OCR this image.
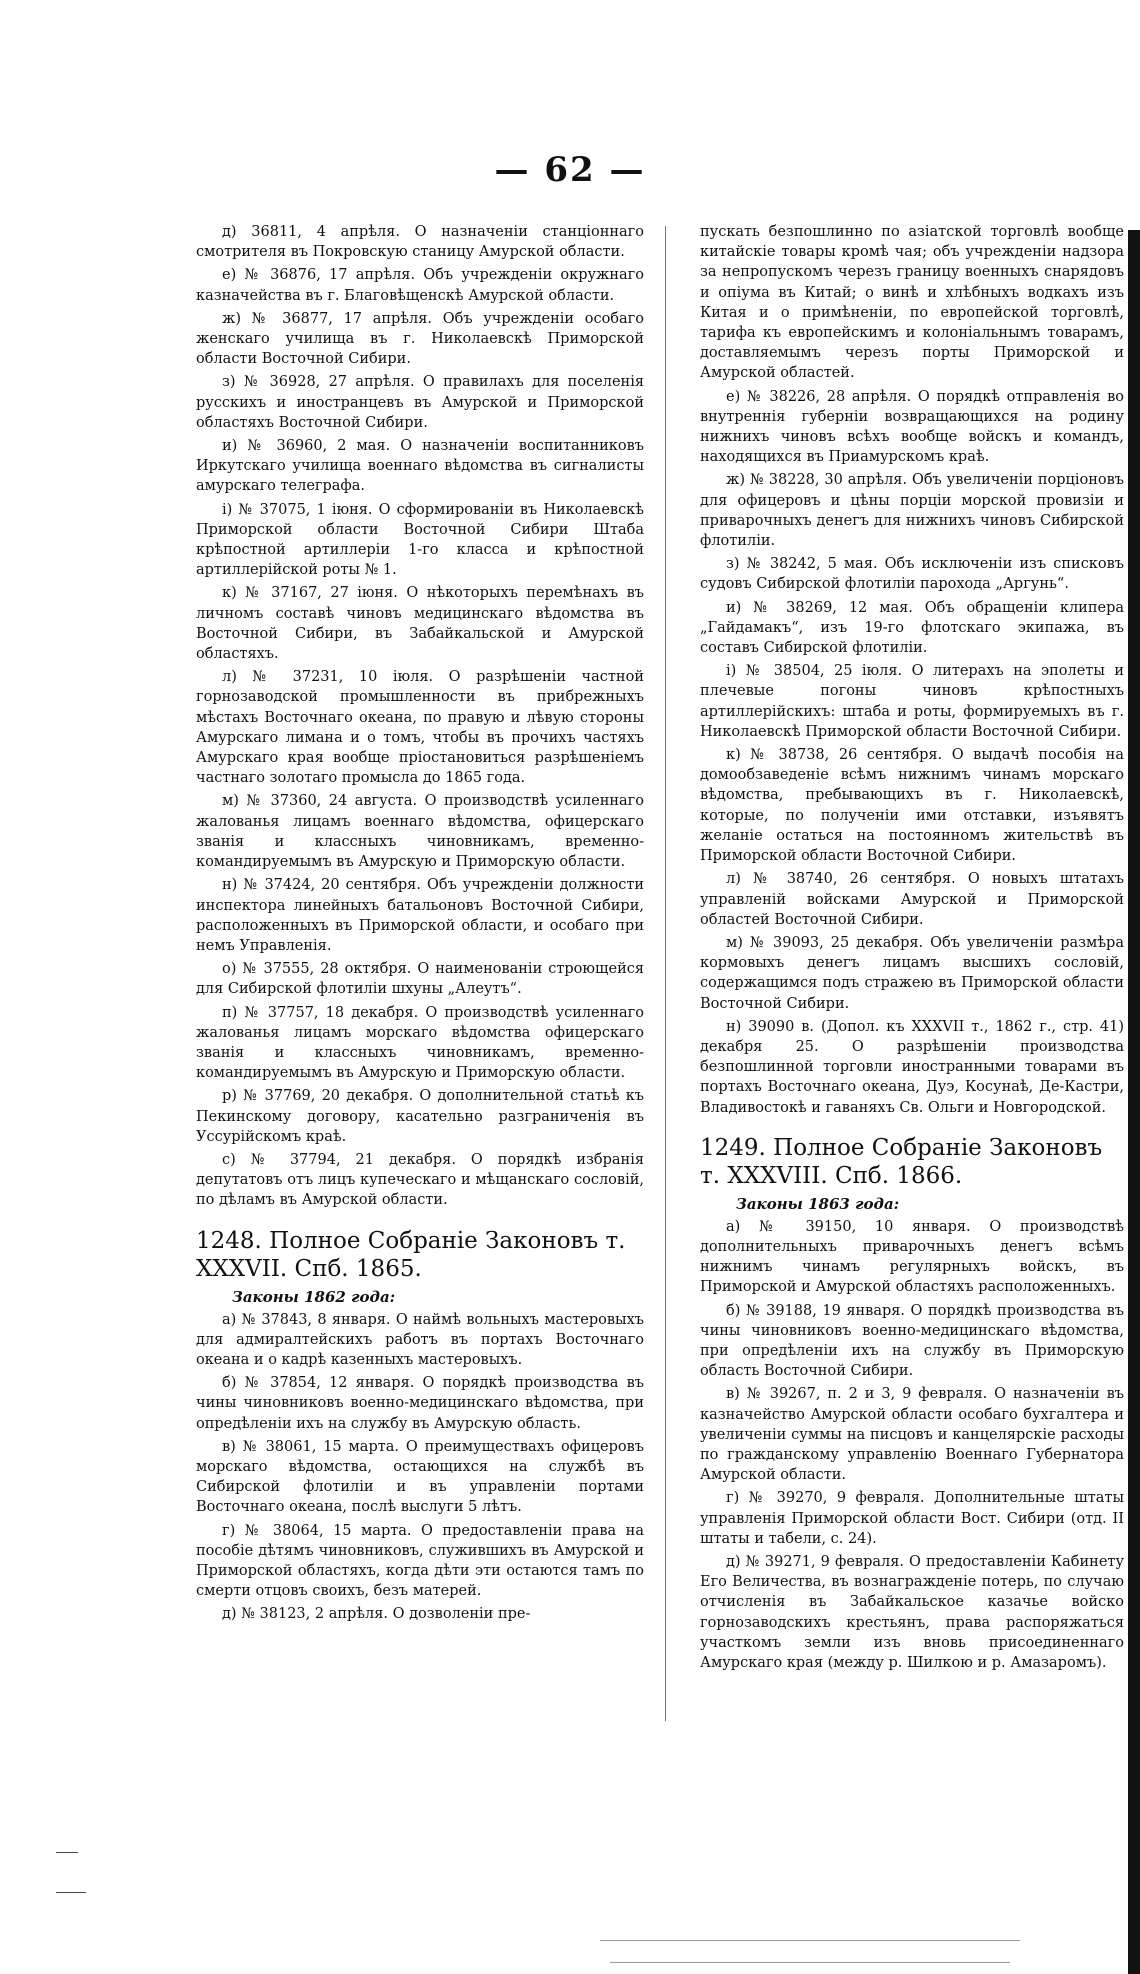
— 62 —

д) 36811, 4 апрѣля. О назначеніи станціоннаго смотрителя въ Покровскую станицу Амурской области.

е) № 36876, 17 апрѣля. Объ учрежденіи окружнаго казначейства въ г. Благовѣщенскѣ Амурской области.

ж) № 36877, 17 апрѣля. Объ учрежденіи особаго женскаго училища въ г. Николаевскѣ Приморской области Восточной Сибири.

з) № 36928, 27 апрѣля. О правилахъ для поселенія русскихъ и иностранцевъ въ Амурской и Приморской областяхъ Восточной Сибири.

и) № 36960, 2 мая. О назначеніи воспитанниковъ Иркутскаго училища военнаго вѣдомства въ сигналисты амурскаго телеграфа.

і) № 37075, 1 іюня. О сформированіи въ Николаевскѣ Приморской области Восточной Сибири Штаба крѣпостной артиллеріи 1-го класса и крѣпостной артиллерійской роты № 1.

к) № 37167, 27 іюня. О нѣкоторыхъ перемѣнахъ въ личномъ составѣ чиновъ медицинскаго вѣдомства въ Восточной Сибири, въ Забайкальской и Амурской областяхъ.

л) № 37231, 10 іюля. О разрѣшеніи частной горнозаводской промышленности въ прибрежныхъ мѣстахъ Восточнаго океана, по правую и лѣвую стороны Амурскаго лимана и о томъ, чтобы въ прочихъ частяхъ Амурскаго края вообще пріостановиться разрѣшеніемъ частнаго золотаго промысла до 1865 года.

м) № 37360, 24 августа. О производствѣ усиленнаго жалованья лицамъ военнаго вѣдомства, офицерскаго званія и классныхъ чиновникамъ, временно-командируемымъ въ Амурскую и Приморскую области.

н) № 37424, 20 сентября. Объ учрежденіи должности инспектора линейныхъ батальоновъ Восточной Сибири, расположенныхъ въ Приморской области, и особаго при немъ Управленія.

о) № 37555, 28 октября. О наименованіи строющейся для Сибирской флотиліи шхуны „Алеутъ“.

п) № 37757, 18 декабря. О производствѣ усиленнаго жалованья лицамъ морскаго вѣдомства офицерскаго званія и классныхъ чиновникамъ, временно-командируемымъ въ Амурскую и Приморскую области.

р) № 37769, 20 декабря. О дополнительной статьѣ къ Пекинскому договору, касательно разграниченія въ Уссурійскомъ краѣ.

с) № 37794, 21 декабря. О порядкѣ избранія депутатовъ отъ лицъ купеческаго и мѣщанскаго сословій, по дѣламъ въ Амурской области.

1248. Полное Собраніе Законовъ т. XXXVII. Спб. 1865.
Законы 1862 года:

а) № 37843, 8 января. О наймѣ вольныхъ мастеровыхъ для адмиралтейскихъ работъ въ портахъ Восточнаго океана и о кадрѣ казенныхъ мастеровыхъ.

б) № 37854, 12 января. О порядкѣ производства въ чины чиновниковъ военно-медицинскаго вѣдомства, при опредѣленіи ихъ на службу въ Амурскую область.

в) № 38061, 15 марта. О преимуществахъ офицеровъ морскаго вѣдомства, остающихся на службѣ въ Сибирской флотиліи и въ управленіи портами Восточнаго океана, послѣ выслуги 5 лѣтъ.

г) № 38064, 15 марта. О предоставленіи права на пособіе дѣтямъ чиновниковъ, служившихъ въ Амурской и Приморской областяхъ, когда дѣти эти остаются тамъ по смерти отцовъ своихъ, безъ матерей.

д) № 38123, 2 апрѣля. О дозволеніи пре-

пускать безпошлинно по азіатской торговлѣ вообще китайскіе товары кромѣ чая; объ учрежденіи надзора за непропускомъ черезъ границу военныхъ снарядовъ и опіума въ Китай; о винѣ и хлѣбныхъ водкахъ изъ Китая и о примѣненіи, по европейской торговлѣ, тарифа къ европейскимъ и колоніальнымъ товарамъ, доставляемымъ черезъ порты Приморской и Амурской областей.

е) № 38226, 28 апрѣля. О порядкѣ отправленія во внутреннія губерніи возвращающихся на родину нижнихъ чиновъ всѣхъ вообще войскъ и командъ, находящихся въ Приамурскомъ краѣ.

ж) № 38228, 30 апрѣля. Объ увеличеніи порціоновъ для офицеровъ и цѣны порціи морской провизіи и приварочныхъ денегъ для нижнихъ чиновъ Сибирской флотиліи.

з) № 38242, 5 мая. Объ исключеніи изъ списковъ судовъ Сибирской флотиліи парохода „Аргунь“.

и) № 38269, 12 мая. Объ обращеніи клипера „Гайдамакъ“, изъ 19-го флотскаго экипажа, въ составъ Сибирской флотиліи.

і) № 38504, 25 іюля. О литерахъ на эполеты и плечевые погоны чиновъ крѣпостныхъ артиллерійскихъ: штаба и роты, формируемыхъ въ г. Николаевскѣ Приморской области Восточной Сибири.

к) № 38738, 26 сентября. О выдачѣ пособія на домообзаведеніе всѣмъ нижнимъ чинамъ морскаго вѣдомства, пребывающихъ въ г. Николаевскѣ, которые, по полученіи ими отставки, изъявятъ желаніе остаться на постоянномъ жительствѣ въ Приморской области Восточной Сибири.

л) № 38740, 26 сентября. О новыхъ штатахъ управленій войсками Амурской и Приморской областей Восточной Сибири.

м) № 39093, 25 декабря. Объ увеличеніи размѣра кормовыхъ денегъ лицамъ высшихъ сословій, содержащимся подъ стражею въ Приморской области Восточной Сибири.

н) 39090 в. (Допол. къ XXXVII т., 1862 г., стр. 41) декабря 25. О разрѣшеніи производства безпошлинной торговли иностранными товарами въ портахъ Восточнаго океана, Дуэ, Косунаѣ, Де-Кастри, Владивостокѣ и гаваняхъ Св. Ольги и Новгородской.

1249. Полное Собраніе Законовъ т. XXXVIII. Спб. 1866.
Законы 1863 года:

а) № 39150, 10 января. О производствѣ дополнительныхъ приварочныхъ денегъ всѣмъ нижнимъ чинамъ регулярныхъ войскъ, въ Приморской и Амурской областяхъ расположенныхъ.

б) № 39188, 19 января. О порядкѣ производства въ чины чиновниковъ военно-медицинскаго вѣдомства, при опредѣленіи ихъ на службу въ Приморскую область Восточной Сибири.

в) № 39267, п. 2 и 3, 9 февраля. О назначеніи въ казначейство Амурской области особаго бухгалтера и увеличеніи суммы на писцовъ и канцелярскіе расходы по гражданскому управленію Военнаго Губернатора Амурской области.

г) № 39270, 9 февраля. Дополнительные штаты управленія Приморской области Вост. Сибири (отд. II штаты и табели, с. 24).

д) № 39271, 9 февраля. О предоставленіи Кабинету Его Величества, въ вознагражденіе потерь, по случаю отчисленія въ Забайкальское казачье войско горнозаводскихъ крестьянъ, права распоряжаться участкомъ земли изъ вновь присоединеннаго Амурскаго края (между р. Шилкою и р. Амазаромъ).
